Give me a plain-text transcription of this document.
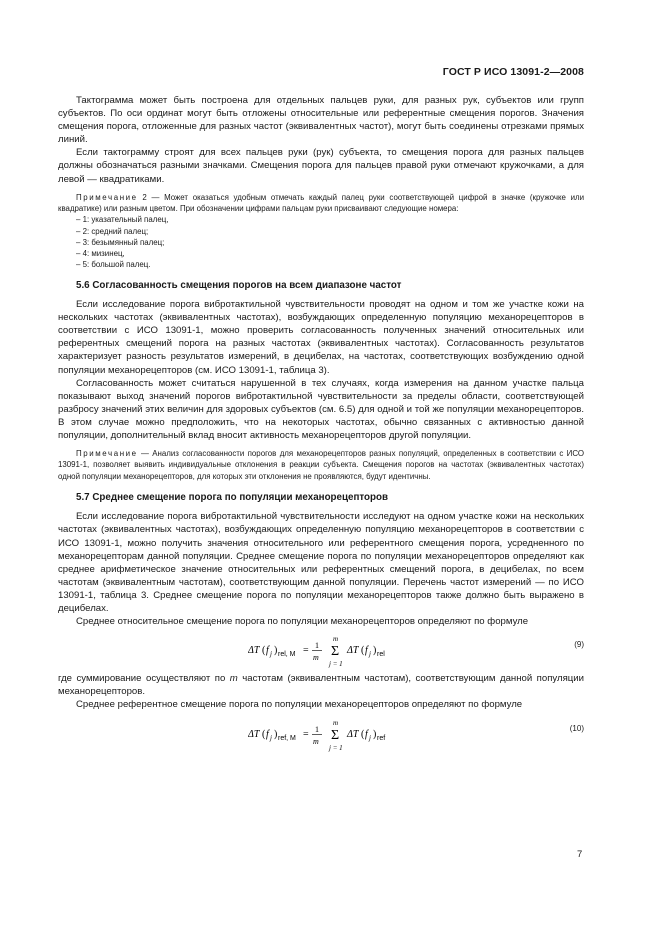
ГОСТ Р ИСО 13091-2—2008

Тактограмма может быть построена для отдельных пальцев руки, для разных рук, субъектов или групп субъектов. По оси ординат могут быть отложены относительные или референтные смещения порогов. Значения смещения порога, отложенные для разных частот (эквивалентных частот), могут быть соединены отрезками прямых линий.

Если тактограмму строят для всех пальцев руки (рук) субъекта, то смещения порога для разных пальцев должны обозначаться разными значками. Смещения порога для пальцев правой руки отмечают кружочками, а для левой — квадратиками.

Примечание 2 — Может оказаться удобным отмечать каждый палец руки соответствующей цифрой в значке (кружочке или квадратике) или разным цветом. При обозначении цифрами пальцам руки присваивают следующие номера:

– 1: указательный палец,
– 2: средний палец;
– 3: безымянный палец;
– 4: мизинец,
– 5: большой палец.
5.6 Согласованность смещения порогов на всем диапазоне частот

Если исследование порога вибротактильной чувствительности проводят на одном и том же участке кожи на нескольких частотах (эквивалентных частотах), возбуждающих определенную популяцию механорецепторов в соответствии с ИСО 13091-1, можно проверить согласованность полученных значений относительных или референтных смещений порога на разных частотах (эквивалентных частотах). Согласованность результатов характеризует разность результатов измерений, в децибелах, на частотах, соответствующих возбуждению одной популяции механорецепторов (см. ИСО 13091-1, таблица 3).

Согласованность может считаться нарушенной в тех случаях, когда измерения на данном участке пальца показывают выход значений порогов вибротактильной чувствительности за пределы области, соответствующей разбросу значений этих величин для здоровых субъектов (см. 6.5) для одной и той же популяции механорецепторов. В этом случае можно предположить, что на некоторых частотах, обычно связанных с активностью данной популяции, дополнительный вклад вносит активность механорецепторов другой популяции.

Примечание — Анализ согласованности порогов для механорецепторов разных популяций, определенных в соответствии с ИСО 13091-1, позволяет выявить индивидуальные отклонения в реакции субъекта. Смещения порогов на частотах (эквивалентных частотах) одной популяции механорецепторов, для которых эти отклонения не проявляются, будут идентичны.

5.7 Среднее смещение порога по популяции механорецепторов

Если исследование порога вибротактильной чувствительности исследуют на одном участке кожи на нескольких частотах (эквивалентных частотах), возбуждающих определенную популяцию механорецепторов в соответствии с ИСО 13091-1, можно получить значения относительного или референтного смещения порога, усредненного по механорецепторам данной популяции. Среднее смещение порога по популяции механорецепторов определяют как среднее арифметическое значение относительных или референтных смещений порога, в децибелах, по всем частотам (эквивалентным частотам), соответствующим данной популяции. Перечень частот измерений — по ИСО 13091-1, таблица 3. Среднее смещение порога по популяции механорецепторов также должно быть выражено в децибелах.

Среднее относительное смещение порога по популяции механорецепторов определяют по формуле

ΔT ( f j ) rel, M = 1
m
m
Σ
j = 1
ΔT ( f j ) rel
(9)

где суммирование осуществляют по m частотам (эквивалентным частотам), соответствующим данной популяции механорецепторов.

Среднее референтное смещение порога по популяции механорецепторов определяют по формуле

ΔT ( f j ) ref, M = 1
m
m
Σ
j = 1
ΔT ( f j ) ref
(10)
7
